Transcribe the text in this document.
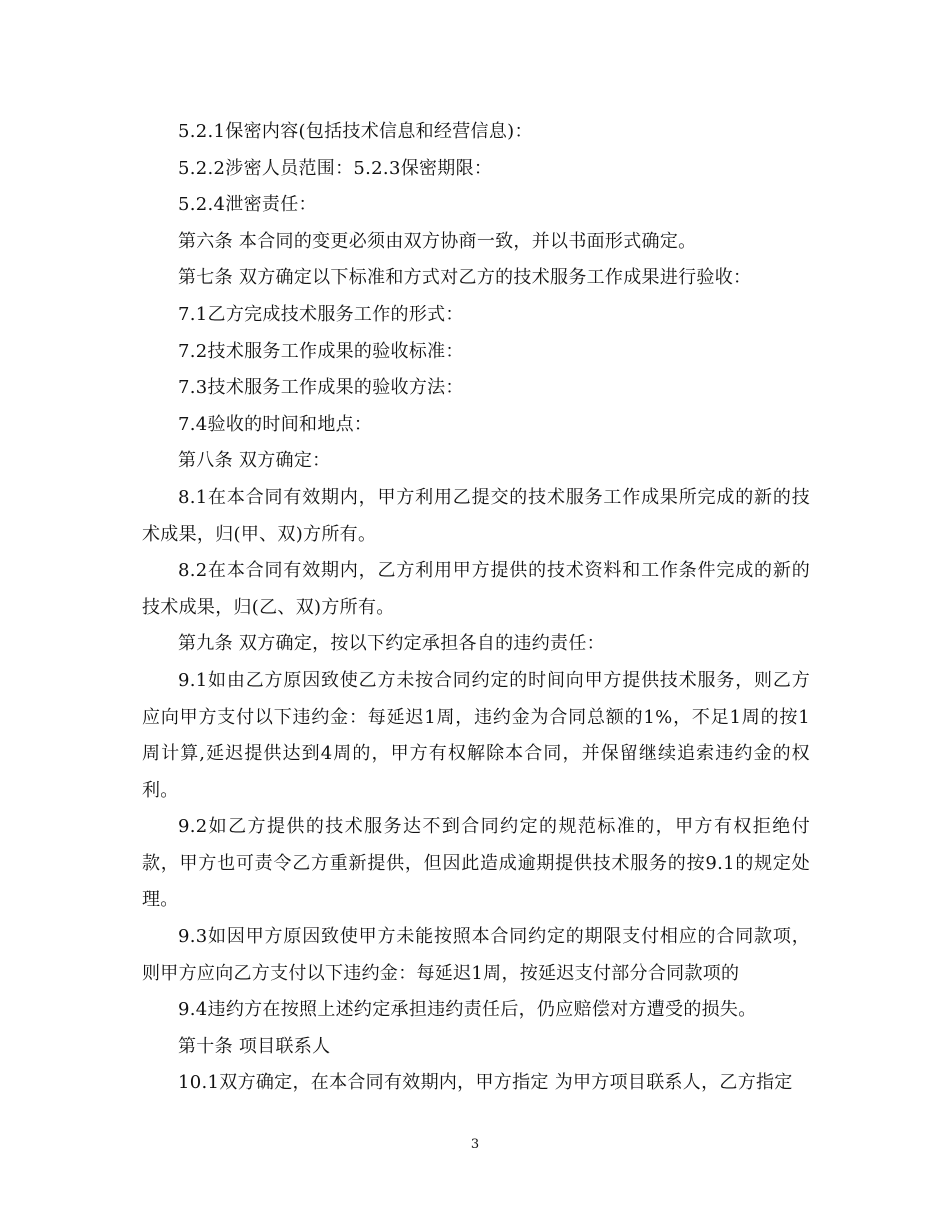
5.2.1保密内容(包括技术信息和经营信息)：

5.2.2涉密人员范围：5.2.3保密期限：

5.2.4泄密责任：

第六条 本合同的变更必须由双方协商一致，并以书面形式确定。

第七条 双方确定以下标准和方式对乙方的技术服务工作成果进行验收：

7.1乙方完成技术服务工作的形式：

7.2技术服务工作成果的验收标准：

7.3技术服务工作成果的验收方法：

7.4验收的时间和地点：

第八条 双方确定：

8.1在本合同有效期内，甲方利用乙提交的技术服务工作成果所完成的新的技术成果，归(甲、双)方所有。

8.2在本合同有效期内，乙方利用甲方提供的技术资料和工作条件完成的新的技术成果，归(乙、双)方所有。

第九条 双方确定，按以下约定承担各自的违约责任：

9.1如由乙方原因致使乙方未按合同约定的时间向甲方提供技术服务，则乙方应向甲方支付以下违约金：每延迟1周，违约金为合同总额的1%，不足1周的按1周计算,延迟提供达到4周的，甲方有权解除本合同，并保留继续追索违约金的权利。

9.2如乙方提供的技术服务达不到合同约定的规范标准的，甲方有权拒绝付款，甲方也可责令乙方重新提供，但因此造成逾期提供技术服务的按9.1的规定处理。

9.3如因甲方原因致使甲方未能按照本合同约定的期限支付相应的合同款项，则甲方应向乙方支付以下违约金：每延迟1周，按延迟支付部分合同款项的

9.4违约方在按照上述约定承担违约责任后，仍应赔偿对方遭受的损失。

第十条 项目联系人

10.1双方确定，在本合同有效期内，甲方指定 为甲方项目联系人，乙方指定

3
